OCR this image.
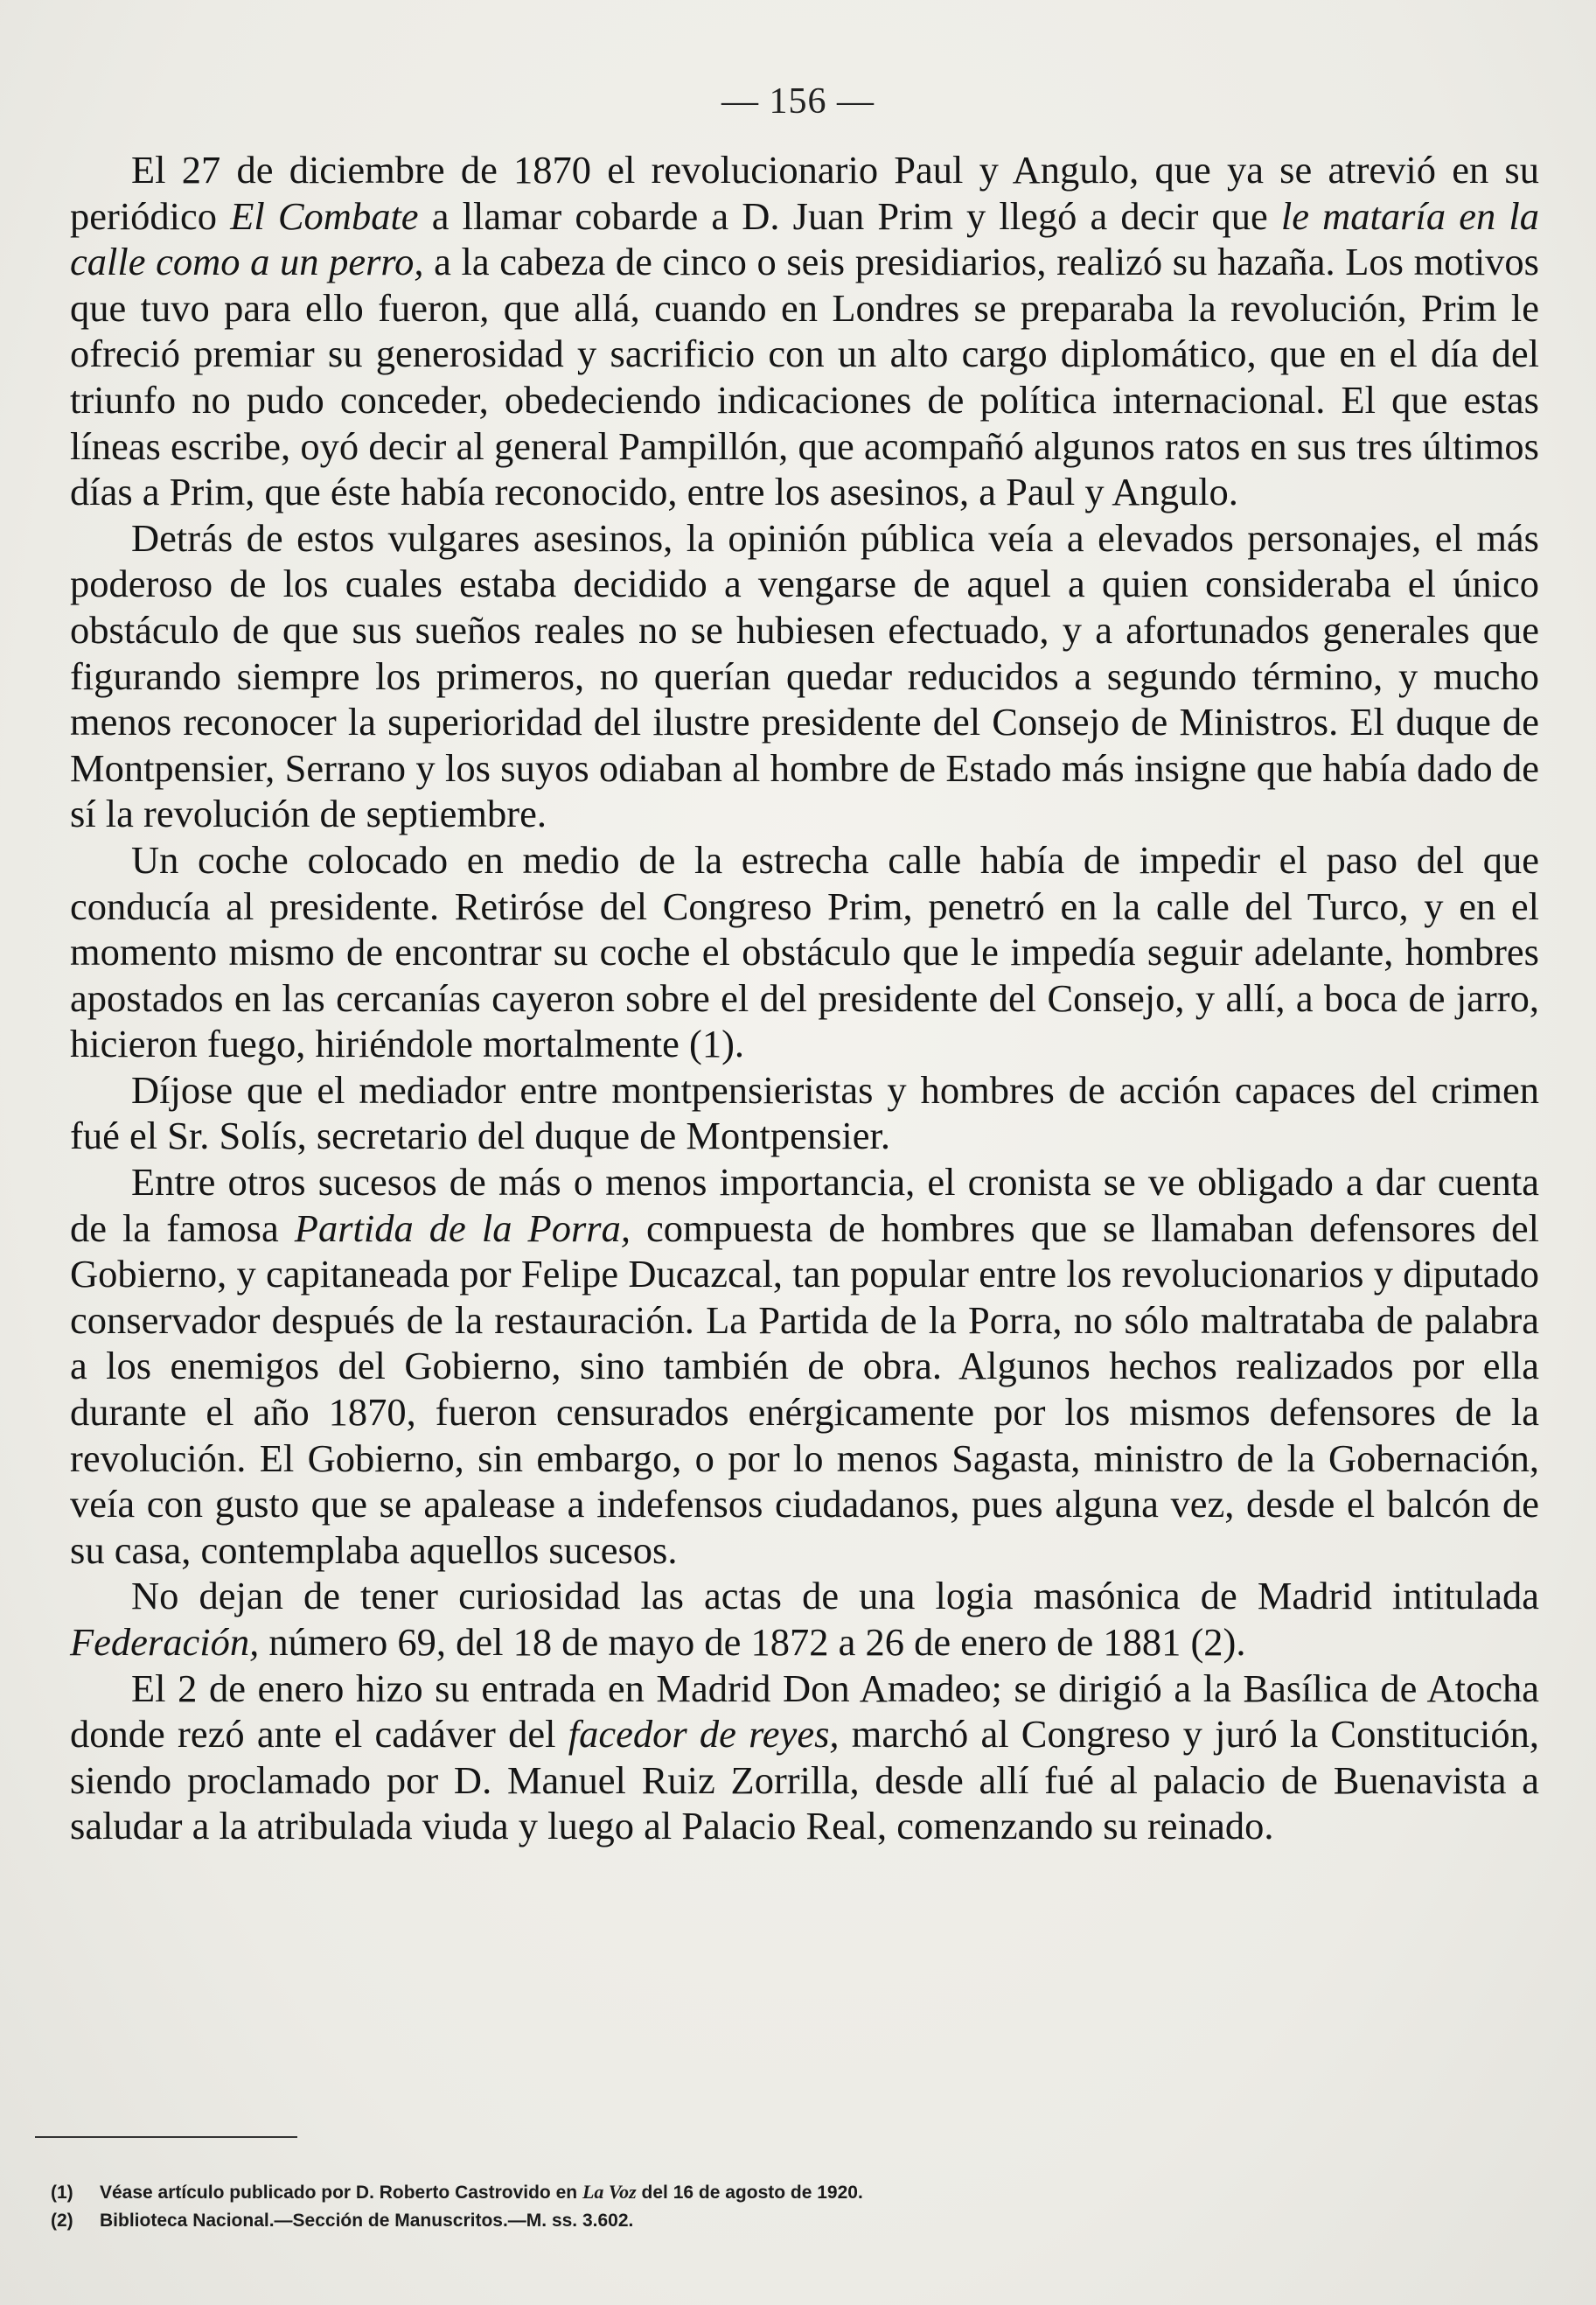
— 156 —

El 27 de diciembre de 1870 el revolucionario Paul y Angulo, que ya se atrevió en su periódico El Combate a llamar cobarde a D. Juan Prim y llegó a decir que le mataría en la calle como a un perro, a la cabeza de cinco o seis presidiarios, realizó su hazaña. Los motivos que tuvo para ello fueron, que allá, cuando en Londres se preparaba la revolución, Prim le ofreció premiar su generosidad y sacrificio con un alto cargo diplomático, que en el día del triunfo no pudo conceder, obedeciendo indicaciones de política internacional. El que estas líneas escribe, oyó decir al general Pampillón, que acompañó algunos ratos en sus tres últimos días a Prim, que éste había reconocido, entre los asesinos, a Paul y Angulo.

Detrás de estos vulgares asesinos, la opinión pública veía a elevados personajes, el más poderoso de los cuales estaba decidido a vengarse de aquel a quien consideraba el único obstáculo de que sus sueños reales no se hubiesen efectuado, y a afortunados generales que figurando siempre los primeros, no querían quedar reducidos a segundo término, y mucho menos reconocer la superioridad del ilustre presidente del Consejo de Ministros. El duque de Montpensier, Serrano y los suyos odiaban al hombre de Estado más insigne que había dado de sí la revolución de septiembre.

Un coche colocado en medio de la estrecha calle había de impedir el paso del que conducía al presidente. Retiróse del Congreso Prim, penetró en la calle del Turco, y en el momento mismo de encontrar su coche el obstáculo que le impedía seguir adelante, hombres apostados en las cercanías cayeron sobre el del presidente del Consejo, y allí, a boca de jarro, hicieron fuego, hiriéndole mortalmente (1).

Díjose que el mediador entre montpensieristas y hombres de acción capaces del crimen fué el Sr. Solís, secretario del duque de Montpensier.

Entre otros sucesos de más o menos importancia, el cronista se ve obligado a dar cuenta de la famosa Partida de la Porra, compuesta de hombres que se llamaban defensores del Gobierno, y capitaneada por Felipe Ducazcal, tan popular entre los revolucionarios y diputado conservador después de la restauración. La Partida de la Porra, no sólo maltrataba de palabra a los enemigos del Gobierno, sino también de obra. Algunos hechos realizados por ella durante el año 1870, fueron censurados enérgicamente por los mismos defensores de la revolución. El Gobierno, sin embargo, o por lo menos Sagasta, ministro de la Gobernación, veía con gusto que se apalease a indefensos ciudadanos, pues alguna vez, desde el balcón de su casa, contemplaba aquellos sucesos.

No dejan de tener curiosidad las actas de una logia masónica de Madrid intitulada Federación, número 69, del 18 de mayo de 1872 a 26 de enero de 1881 (2).

El 2 de enero hizo su entrada en Madrid Don Amadeo; se dirigió a la Basílica de Atocha donde rezó ante el cadáver del facedor de reyes, marchó al Congreso y juró la Constitución, siendo proclamado por D. Manuel Ruiz Zorrilla, desde allí fué al palacio de Buenavista a saludar a la atribulada viuda y luego al Palacio Real, comenzando su reinado.

(1) Véase artículo publicado por D. Roberto Castrovido en La Voz del 16 de agosto de 1920.

(2) Biblioteca Nacional.—Sección de Manuscritos.—M. ss. 3.602.
